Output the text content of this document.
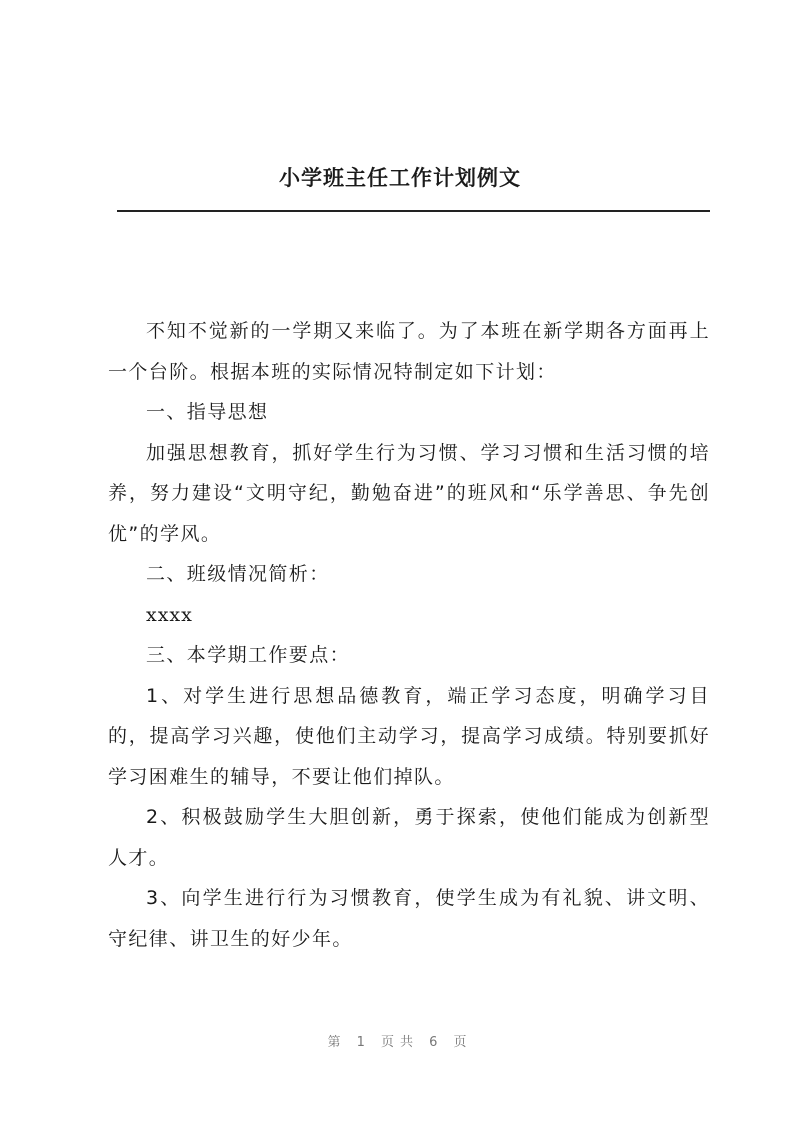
小学班主任工作计划例文

不知不觉新的一学期又来临了。为了本班在新学期各方面再上一个台阶。根据本班的实际情况特制定如下计划：

一、指导思想

加强思想教育，抓好学生行为习惯、学习习惯和生活习惯的培养，努力建设“文明守纪，勤勉奋进”的班风和“乐学善思、争先创优”的学风。

二、班级情况简析：

xxxx

三、本学期工作要点：

1、对学生进行思想品德教育，端正学习态度，明确学习目的，提高学习兴趣，使他们主动学习，提高学习成绩。特别要抓好学习困难生的辅导，不要让他们掉队。

2、积极鼓励学生大胆创新，勇于探索，使他们能成为创新型人才。

3、向学生进行行为习惯教育，使学生成为有礼貌、讲文明、守纪律、讲卫生的好少年。

第 1 页共 6 页
